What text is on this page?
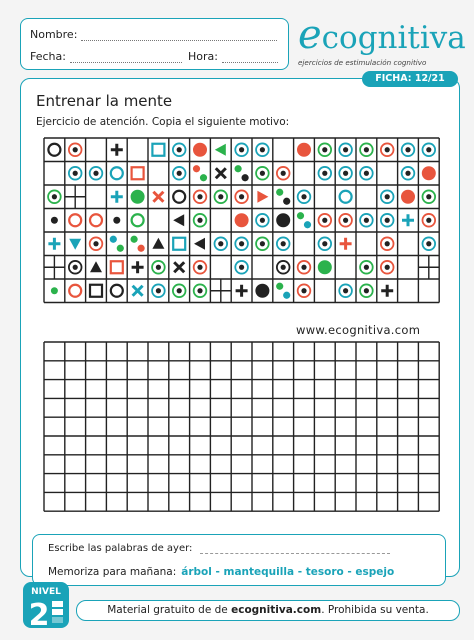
Nombre:
Fecha:	Hora: ecognitiva
ejercicios de estimulación cognitivo
FICHA: 12/21
Entrenar la mente
Ejercicio de atención. Copia el siguiente motivo:
www.ecognitiva.com
Escribe las palabras de ayer:
Memoriza para mañana: árbol - mantequilla - tesoro - espejo
NIVEL
2	Material gratuito de de ecognitiva.com. Prohibida su venta.
